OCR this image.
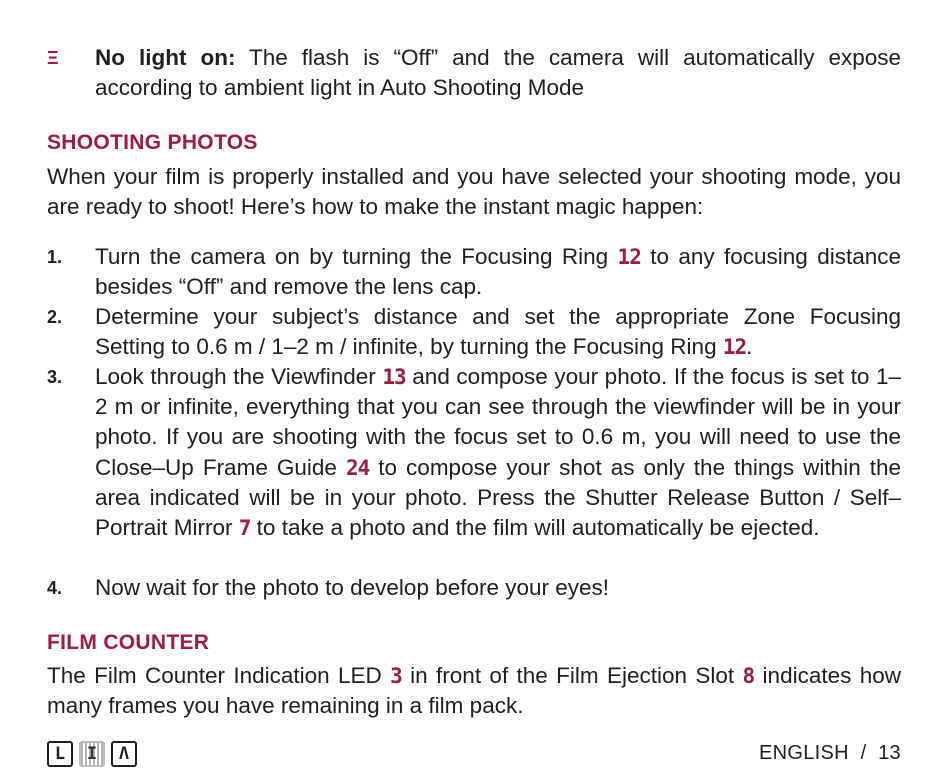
Ξ	No light on: The flash is “Off” and the camera will automatically expose according to ambient light in Auto Shooting Mode
SHOOTING PHOTOS
When your film is properly installed and you have selected your shooting mode, you are ready to shoot! Here’s how to make the instant magic happen:
1.	Turn the camera on by turning the Focusing Ring 12 to any focusing distance besides “Off” and remove the lens cap.
2.	Determine your subject’s distance and set the appropriate Zone Focusing Setting to 0.6 m / 1–2 m / infinite, by turning the Focusing Ring 12.
3.	Look through the Viewfinder 13 and compose your photo. If the focus is set to 1–2 m or infinite, everything that you can see through the viewfinder will be in your photo. If you are shooting with the focus set to 0.6 m, you will need to use the Close–Up Frame Guide 24 to compose your shot as only the things within the area indicated will be in your photo. Press the Shutter Release Button / Self–Portrait Mirror 7 to take a photo and the film will automatically be ejected.
4.	Now wait for the photo to develop before your eyes!
FILM COUNTER
The Film Counter Indication LED 3 in front of the Film Ejection Slot 8 indicates how many frames you have remaining in a film pack.
L	I	Λ	ENGLISH  /  13
